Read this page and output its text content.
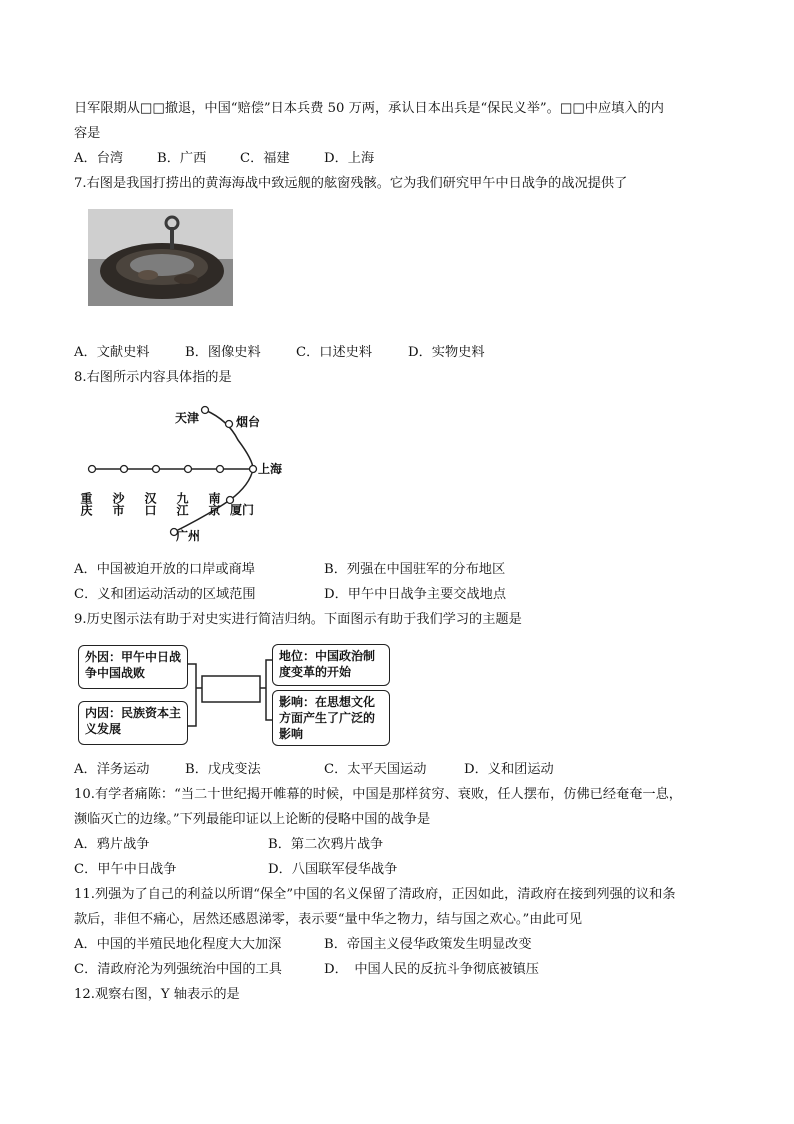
日军限期从□□撤退，中国“赔偿”日本兵费 50 万两，承认日本出兵是“保民义举”。□□中应填入的内
容是
A．台湾	B．广西	C．福建	D．上海
7.右图是我国打捞出的黄海海战中致远舰的舷窗残骸。它为我们研究甲午中日战争的战况提供了
A．文献史料	B．图像史料	C．口述史料	D．实物史料
8.右图所示内容具体指的是
天津	烟台
上海
厦门
广州
重庆 沙市 汉口 九江 南京
A．中国被迫开放的口岸或商埠	B．列强在中国驻军的分布地区
C．义和团运动活动的区域范围	D．甲午中日战争主要交战地点
9.历史图示法有助于对史实进行简洁归纳。下面图示有助于我们学习的主题是
外因：甲午中日战争中国战败
内因：民族资本主义发展
地位：中国政治制度变革的开始
影响：在思想文化方面产生了广泛的影响
A．洋务运动	B．戊戌变法	C．太平天国运动	D．义和团运动
10.有学者痛陈：“当二十世纪揭开帷幕的时候，中国是那样贫穷、衰败，任人摆布，仿佛已经奄奄一息，
濒临灭亡的边缘。”下列最能印证以上论断的侵略中国的战争是
A．鸦片战争	B．第二次鸦片战争
C．甲午中日战争	D．八国联军侵华战争
11.列强为了自己的利益以所谓“保全”中国的名义保留了清政府，正因如此，清政府在接到列强的议和条
款后，非但不痛心，居然还感恩涕零，表示要“量中华之物力，结与国之欢心。”由此可见
A．中国的半殖民地化程度大大加深	B．帝国主义侵华政策发生明显改变
C．清政府沦为列强统治中国的工具	D．　中国人民的反抗斗争彻底被镇压
12.观察右图，Y 轴表示的是
